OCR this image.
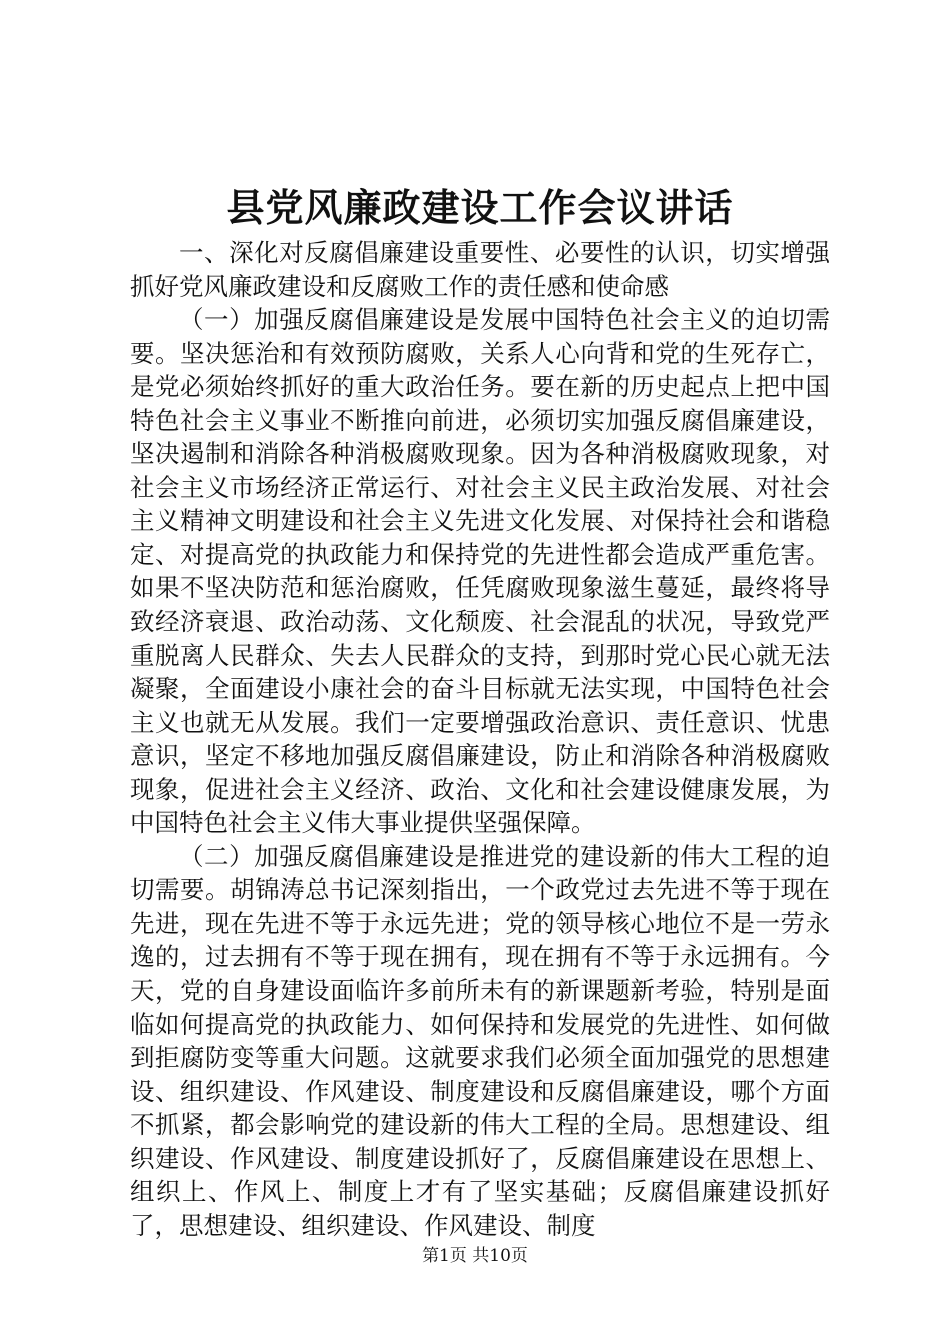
县党风廉政建设工作会议讲话

一、深化对反腐倡廉建设重要性、必要性的认识，切实增强抓好党风廉政建设和反腐败工作的责任感和使命感

（一）加强反腐倡廉建设是发展中国特色社会主义的迫切需要。坚决惩治和有效预防腐败，关系人心向背和党的生死存亡，是党必须始终抓好的重大政治任务。要在新的历史起点上把中国特色社会主义事业不断推向前进，必须切实加强反腐倡廉建设，坚决遏制和消除各种消极腐败现象。因为各种消极腐败现象，对社会主义市场经济正常运行、对社会主义民主政治发展、对社会主义精神文明建设和社会主义先进文化发展、对保持社会和谐稳定、对提高党的执政能力和保持党的先进性都会造成严重危害。如果不坚决防范和惩治腐败，任凭腐败现象滋生蔓延，最终将导致经济衰退、政治动荡、文化颓废、社会混乱的状况，导致党严重脱离人民群众、失去人民群众的支持，到那时党心民心就无法凝聚，全面建设小康社会的奋斗目标就无法实现，中国特色社会主义也就无从发展。我们一定要增强政治意识、责任意识、忧患意识，坚定不移地加强反腐倡廉建设，防止和消除各种消极腐败现象，促进社会主义经济、政治、文化和社会建设健康发展，为中国特色社会主义伟大事业提供坚强保障。

（二）加强反腐倡廉建设是推进党的建设新的伟大工程的迫切需要。胡锦涛总书记深刻指出，一个政党过去先进不等于现在先进，现在先进不等于永远先进；党的领导核心地位不是一劳永逸的，过去拥有不等于现在拥有，现在拥有不等于永远拥有。今天，党的自身建设面临许多前所未有的新课题新考验，特别是面临如何提高党的执政能力、如何保持和发展党的先进性、如何做到拒腐防变等重大问题。这就要求我们必须全面加强党的思想建设、组织建设、作风建设、制度建设和反腐倡廉建设，哪个方面不抓紧，都会影响党的建设新的伟大工程的全局。思想建设、组织建设、作风建设、制度建设抓好了，反腐倡廉建设在思想上、组织上、作风上、制度上才有了坚实基础；反腐倡廉建设抓好了，思想建设、组织建设、作风建设、制度

第1页 共10页
